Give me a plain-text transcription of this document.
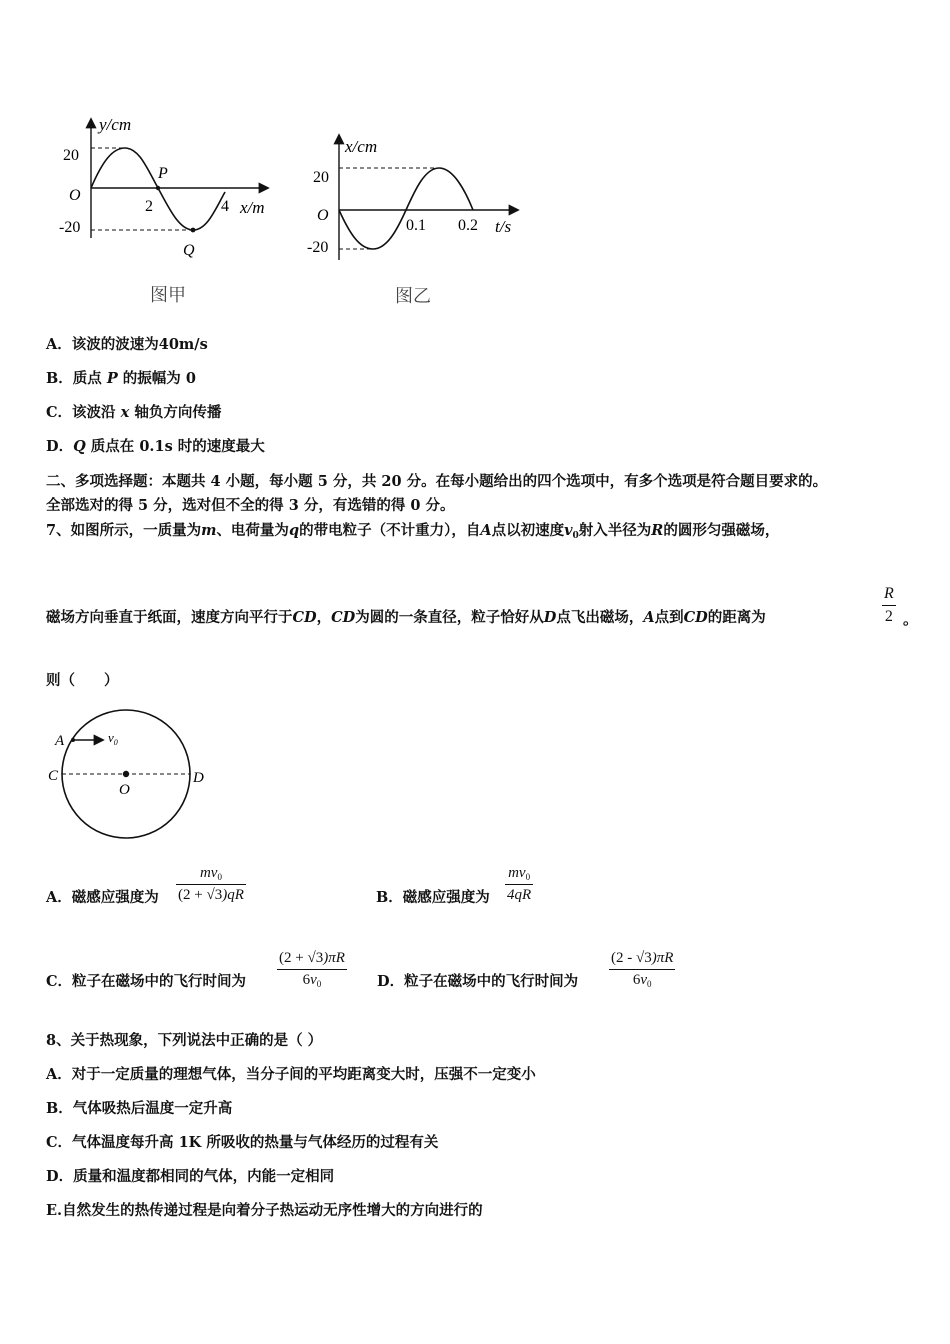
y/cm
20
O
-20
P
2	4 x/m
Q
图甲
x/cm
20
O
-20
0.1 0.2 t/s
图乙
A．该波的波速为40m/s
B．质点 P 的振幅为 0
C．该波沿 x 轴负方向传播
D．Q 质点在 0.1s 时的速度最大
二、多项选择题：本题共 4 小题，每小题 5 分，共 20 分。在每小题给出的四个选项中，有多个选项是符合题目要求的。
全部选对的得 5 分，选对但不全的得 3 分，有选错的得 0 分。
7、如图所示，一质量为m、电荷量为q的带电粒子（不计重力），自A点以初速度$v_0$射入半径为R的圆形匀强磁场，
磁场方向垂直于纸面，速度方向平行于CD，CD为圆的一条直径，粒子恰好从D点飞出磁场，A点到CD的距离为	$\frac{R}{2}$ 。
则（　　）
A	$v_0$
C
O
D
A．磁感应强度为 $\frac{mv_0}{(2 + √3)qR}$	B．磁感应强度为 $\frac{mv_0}{4qR}$
C．粒子在磁场中的飞行时间为 $\frac{(2 + √3)\pi R}{6v_0}$ D．粒子在磁场中的飞行时间为 $\frac{(2 - √3)\pi R}{6v_0}$
8、关于热现象，下列说法中正确的是（ ）
A．对于一定质量的理想气体，当分子间的平均距离变大时，压强不一定变小
B．气体吸热后温度一定升高
C．气体温度每升高 1K 所吸收的热量与气体经历的过程有关
D．质量和温度都相同的气体，内能一定相同
E.自然发生的热传递过程是向着分子热运动无序性增大的方向进行的
